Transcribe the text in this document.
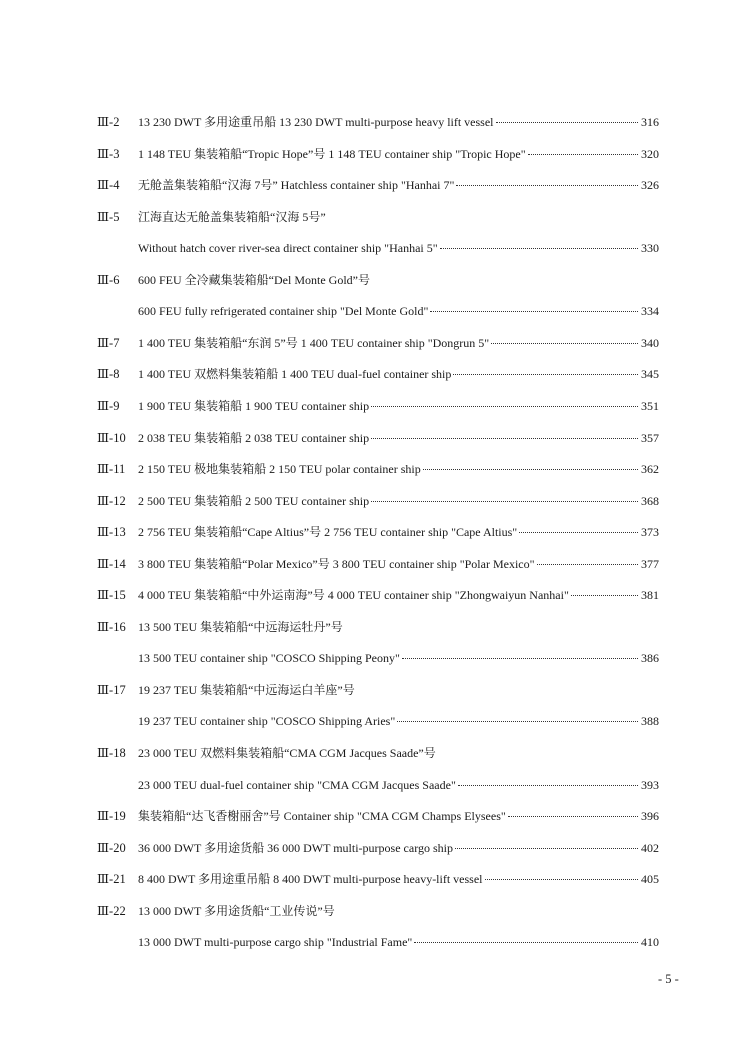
Ⅲ-2 13 230 DWT 多用途重吊船 13 230 DWT multi-purpose heavy lift vessel	316
Ⅲ-3 1 148 TEU 集装箱船“Tropic Hope”号 1 148 TEU container ship "Tropic Hope"	320
Ⅲ-4 无舱盖集装箱船“汉海 7号” Hatchless container ship "Hanhai 7"	326
Ⅲ-5 江海直达无舱盖集装箱船“汉海 5号”
Without hatch cover river-sea direct container ship "Hanhai 5"	330
Ⅲ-6 600 FEU 全冷藏集装箱船“Del Monte Gold”号
600 FEU fully refrigerated container ship "Del Monte Gold"	334
Ⅲ-7 1 400 TEU 集装箱船“东润 5”号 1 400 TEU container ship "Dongrun 5"	340
Ⅲ-8 1 400 TEU 双燃料集装箱船 1 400 TEU dual-fuel container ship	345
Ⅲ-9 1 900 TEU 集装箱船 1 900 TEU container ship	351
Ⅲ-10 2 038 TEU 集装箱船 2 038 TEU container ship	357
Ⅲ-11 2 150 TEU 极地集装箱船 2 150 TEU polar container ship	362
Ⅲ-12 2 500 TEU 集装箱船 2 500 TEU container ship	368
Ⅲ-13 2 756 TEU 集装箱船“Cape Altius”号 2 756 TEU container ship "Cape Altius"	373
Ⅲ-14 3 800 TEU 集装箱船“Polar Mexico”号 3 800 TEU container ship "Polar Mexico"	377
Ⅲ-15 4 000 TEU 集装箱船“中外运南海”号 4 000 TEU container ship "Zhongwaiyun Nanhai"	381
Ⅲ-16 13 500 TEU 集装箱船“中远海运牡丹”号
13 500 TEU container ship "COSCO Shipping Peony"	386
Ⅲ-17 19 237 TEU 集装箱船“中远海运白羊座”号
19 237 TEU container ship "COSCO Shipping Aries"	388
Ⅲ-18 23 000 TEU 双燃料集装箱船“CMA CGM Jacques Saade”号
23 000 TEU dual-fuel container ship "CMA CGM Jacques Saade"	393
Ⅲ-19 集装箱船“达飞香榭丽舍”号 Container ship "CMA CGM Champs Elysees"	396
Ⅲ-20 36 000 DWT 多用途货船 36 000 DWT multi-purpose cargo ship	402
Ⅲ-21 8 400 DWT 多用途重吊船 8 400 DWT multi-purpose heavy-lift vessel	405
Ⅲ-22 13 000 DWT 多用途货船“工业传说”号
13 000 DWT multi-purpose cargo ship "Industrial Fame"	410
- 5 -
